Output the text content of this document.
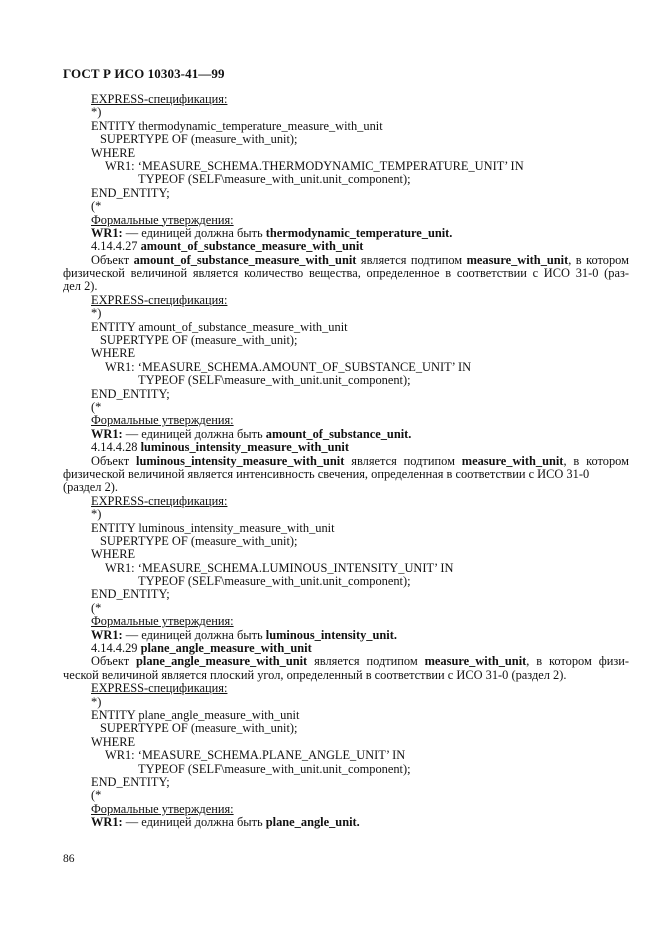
ГОСТ Р ИСО 10303-41—99
EXPRESS-спецификация:
*)
ENTITY thermodynamic_temperature_measure_with_unit
SUPERTYPE OF (measure_with_unit);
WHERE
WR1: ‘MEASURE_SCHEMA.THERMODYNAMIC_TEMPERATURE_UNIT’ IN
TYPEOF (SELF\measure_with_unit.unit_component);
END_ENTITY;
(*
Формальные утверждения:
WR1: — единицей должна быть thermodynamic_temperature_unit.
4.14.4.27 amount_of_substance_measure_with_unit
Объект amount_of_substance_measure_with_unit является подтипом measure_with_unit, в котором
физической величиной является количество вещества, определенное в соответствии с ИСО 31-0 (раз-
дел 2).
EXPRESS-спецификация:
*)
ENTITY amount_of_substance_measure_with_unit
SUPERTYPE OF (measure_with_unit);
WHERE
WR1: ‘MEASURE_SCHEMA.AMOUNT_OF_SUBSTANCE_UNIT’ IN
TYPEOF (SELF\measure_with_unit.unit_component);
END_ENTITY;
(*
Формальные утверждения:
WR1: — единицей должна быть amount_of_substance_unit.
4.14.4.28 luminous_intensity_measure_with_unit
Объект luminous_intensity_measure_with_unit является подтипом measure_with_unit, в котором
физической величиной является интенсивность свечения, определенная в соответствии с ИСО 31-0
(раздел 2).
EXPRESS-спецификация:
*)
ENTITY luminous_intensity_measure_with_unit
SUPERTYPE OF (measure_with_unit);
WHERE
WR1: ‘MEASURE_SCHEMA.LUMINOUS_INTENSITY_UNIT’ IN
TYPEOF (SELF\measure_with_unit.unit_component);
END_ENTITY;
(*
Формальные утверждения:
WR1: — единицей должна быть luminous_intensity_unit.
4.14.4.29 plane_angle_measure_with_unit
Объект plane_angle_measure_with_unit является подтипом measure_with_unit, в котором физи-
ческой величиной является плоский угол, определенный в соответствии с ИСО 31-0 (раздел 2).
EXPRESS-спецификация:
*)
ENTITY plane_angle_measure_with_unit
SUPERTYPE OF (measure_with_unit);
WHERE
WR1: ‘MEASURE_SCHEMA.PLANE_ANGLE_UNIT’ IN
TYPEOF (SELF\measure_with_unit.unit_component);
END_ENTITY;
(*
Формальные утверждения:
WR1: — единицей должна быть plane_angle_unit.
86
